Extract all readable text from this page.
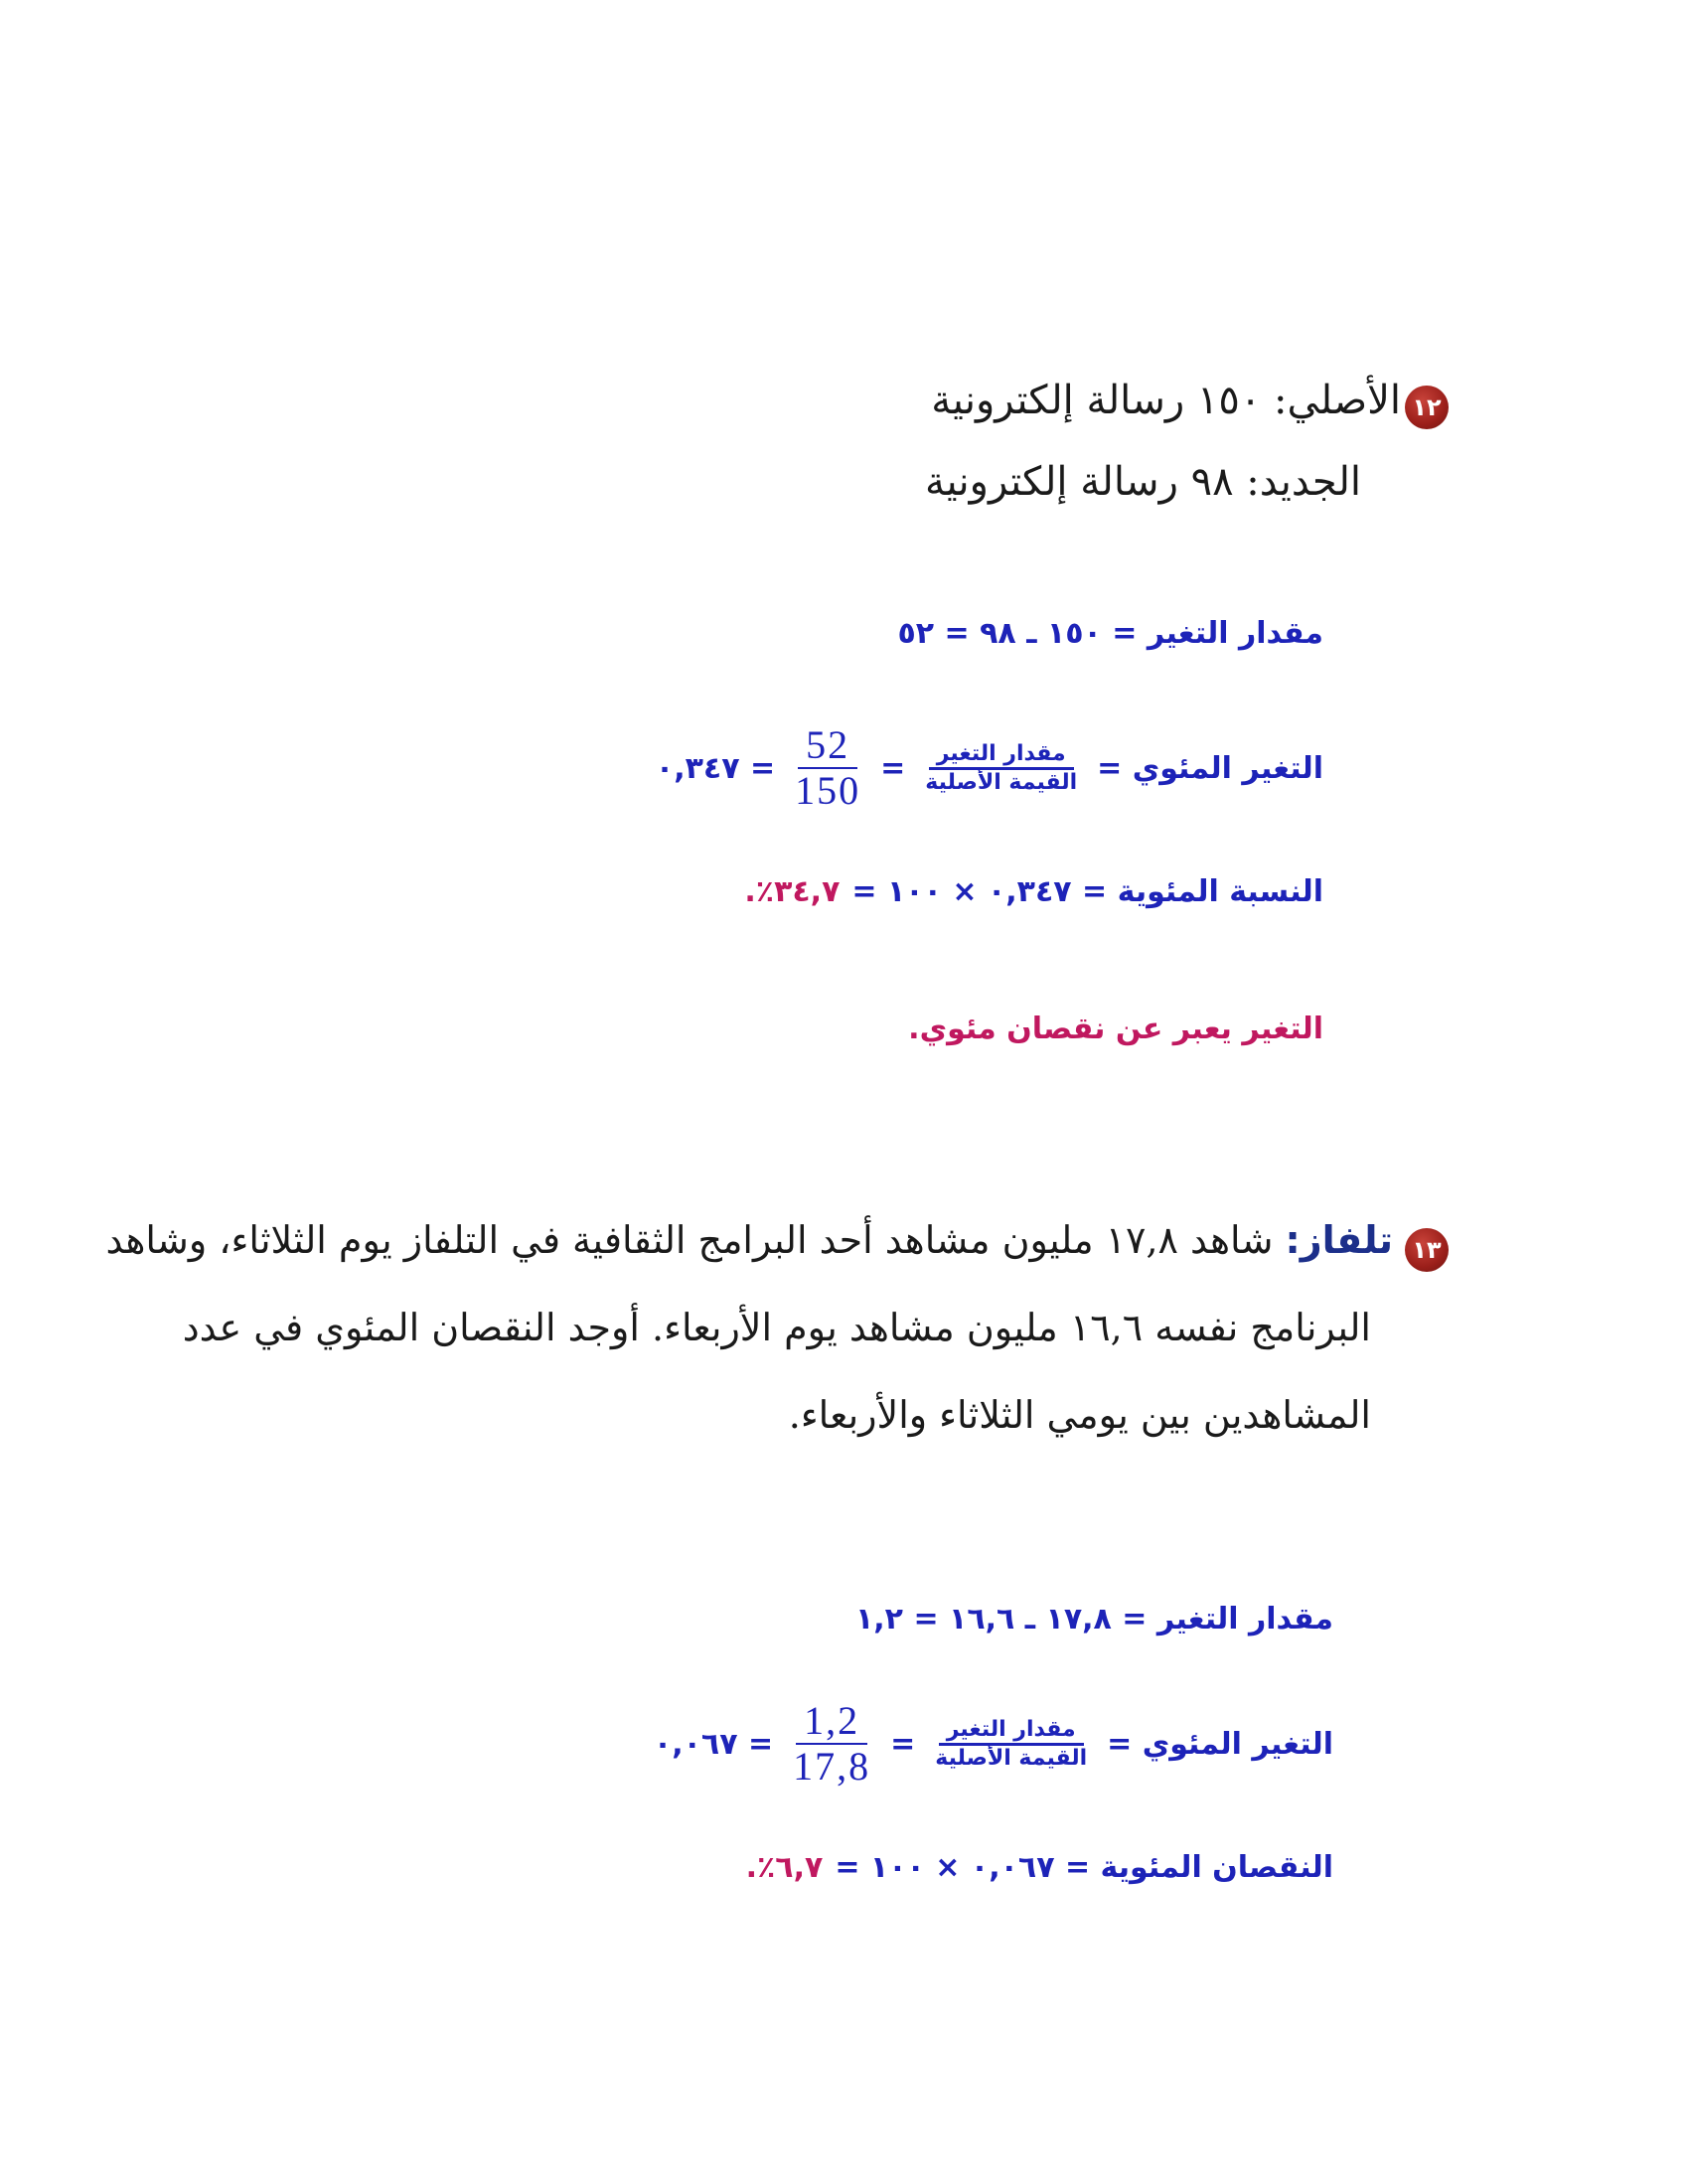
١٢
الأصلي: ١٥٠ رسالة إلكترونية
الجديد: ٩٨ رسالة إلكترونية
مقدار التغير = ١٥٠ ـ ٩٨ = ٥٢
التغير المئوي =
$\frac{\text{مقدار التغير}}{\text{القيمة الأصلية}}$
=
$\frac{52}{150}$
= ٠,٣٤٧
النسبة المئوية = ٠,٣٤٧ × ١٠٠ =
٣٤,٧٪.
التغير يعبر عن نقصان مئوي.
١٣
تلفاز: شاهد ١٧,٨ مليون مشاهد أحد البرامج الثقافية في التلفاز يوم الثلاثاء، وشاهد
البرنامج نفسه ١٦,٦ مليون مشاهد يوم الأربعاء. أوجد النقصان المئوي في عدد
المشاهدين بين يومي الثلاثاء والأربعاء.
مقدار التغير = ١٧,٨ ـ ١٦,٦ = ١,٢
التغير المئوي =
$\frac{\text{مقدار التغير}}{\text{القيمة الأصلية}}$
=
$\frac{1,2}{17,8}$
= ٠,٠٦٧
النقصان المئوية = ٠,٠٦٧ × ١٠٠ =
٦,٧٪.
